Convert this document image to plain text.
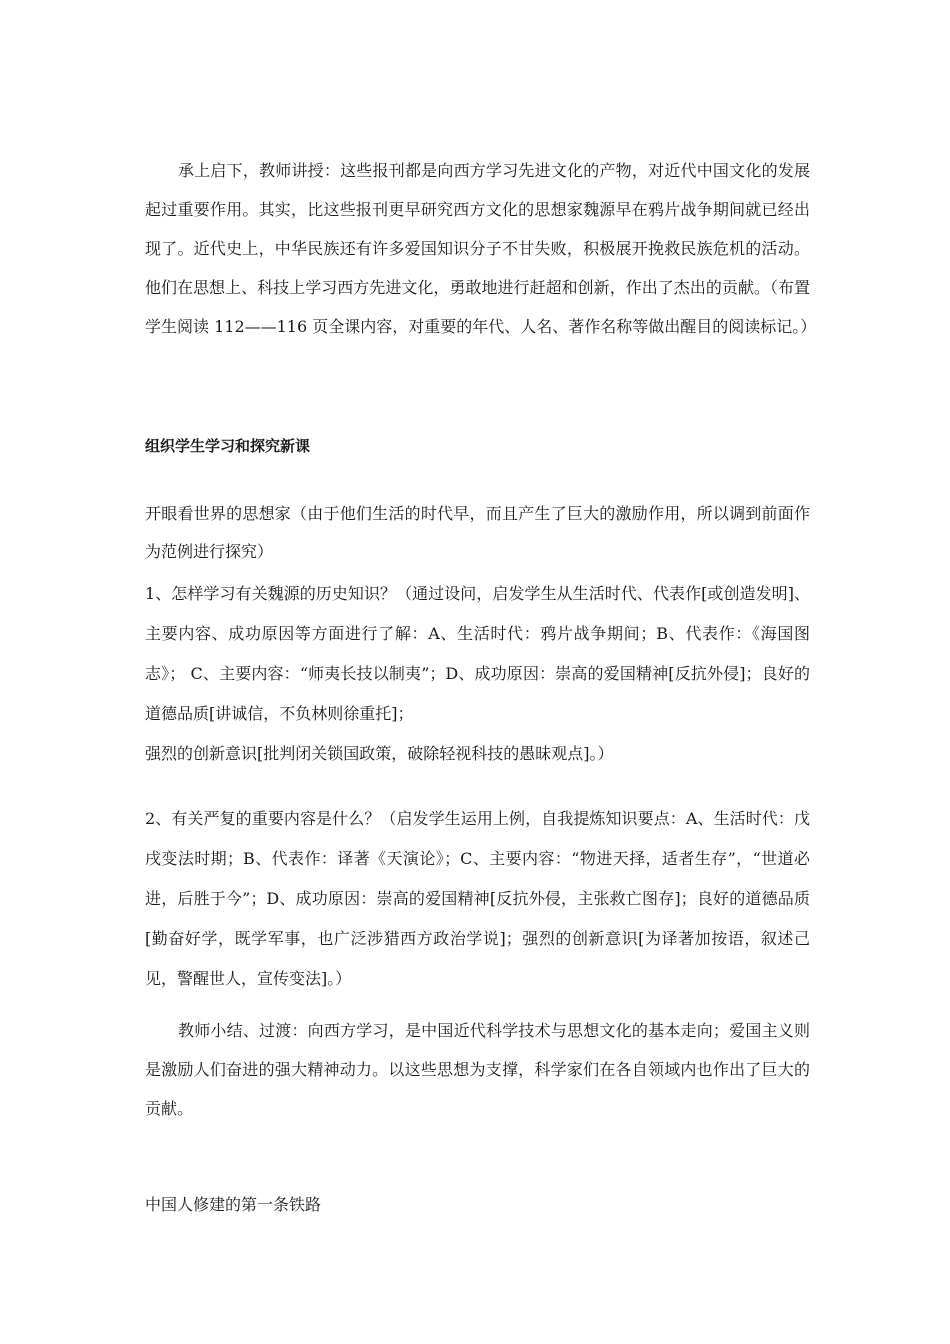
承上启下，教师讲授：这些报刊都是向西方学习先进文化的产物，对近代中国文化的发展起过重要作用。其实，比这些报刊更早研究西方文化的思想家魏源早在鸦片战争期间就已经出现了。近代史上，中华民族还有许多爱国知识分子不甘失败，积极展开挽救民族危机的活动。他们在思想上、科技上学习西方先进文化，勇敢地进行赶超和创新，作出了杰出的贡献。（布置学生阅读 112——116 页全课内容，对重要的年代、人名、著作名称等做出醒目的阅读标记。）

组织学生学习和探究新课

开眼看世界的思想家（由于他们生活的时代早，而且产生了巨大的激励作用，所以调到前面作为范例进行探究）

1、怎样学习有关魏源的历史知识？（通过设问，启发学生从生活时代、代表作[或创造发明]、主要内容、成功原因等方面进行了解：A、生活时代：鸦片战争期间；B、代表作：《海国图志》； C、主要内容：“师夷长技以制夷”；D、成功原因：崇高的爱国精神[反抗外侵]；良好的道德品质[讲诚信，不负林则徐重托]；
强烈的创新意识[批判闭关锁国政策，破除轻视科技的愚昧观点]。）

2、有关严复的重要内容是什么？（启发学生运用上例，自我提炼知识要点：A、生活时代：戊戌变法时期；B、代表作：译著《天演论》；C、主要内容：“物进天择，适者生存”，“世道必进，后胜于今”；D、成功原因：崇高的爱国精神[反抗外侵，主张救亡图存]；良好的道德品质[勤奋好学，既学军事，也广泛涉猎西方政治学说]；强烈的创新意识[为译著加按语，叙述己见，警醒世人，宣传变法]。）

教师小结、过渡：向西方学习，是中国近代科学技术与思想文化的基本走向；爱国主义则是激励人们奋进的强大精神动力。以这些思想为支撑，科学家们在各自领域内也作出了巨大的贡献。

中国人修建的第一条铁路
